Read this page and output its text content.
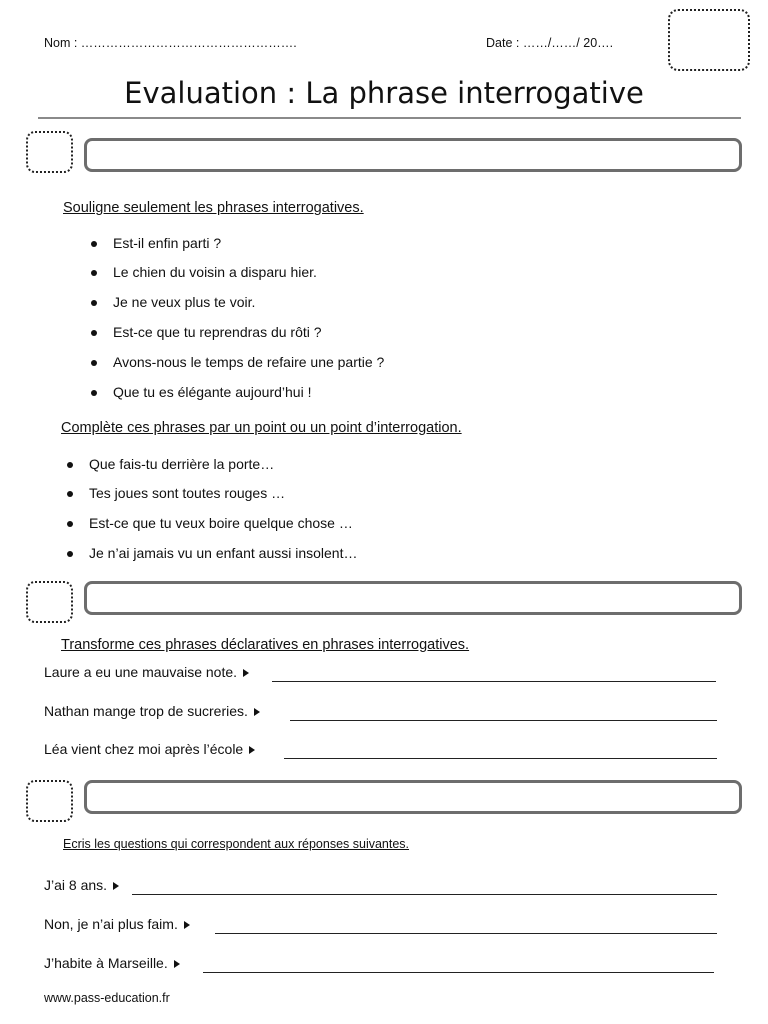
Nom : …………………………………………….	Date : ……/……/ 20….
Evaluation : La phrase interrogative
Souligne seulement les phrases interrogatives.
Est-il enfin parti ?
Le chien du voisin a disparu hier.
Je ne veux plus te voir.
Est-ce que tu reprendras du rôti ?
Avons-nous le temps de refaire une partie ?
Que tu es élégante aujourd’hui !
Complète ces phrases par un point ou un point d’interrogation.
Que fais-tu derrière la porte…
Tes joues sont toutes rouges …
Est-ce que tu veux boire quelque chose …
Je n’ai jamais vu un enfant aussi insolent…
Transforme ces phrases déclaratives en phrases interrogatives.
Laure a eu une mauvaise note.
Nathan mange trop de sucreries.
Léa vient chez moi après l’école
Ecris les questions qui correspondent aux réponses suivantes.
J’ai 8 ans.
Non, je n’ai plus faim.
J’habite à Marseille.
www.pass-education.fr
